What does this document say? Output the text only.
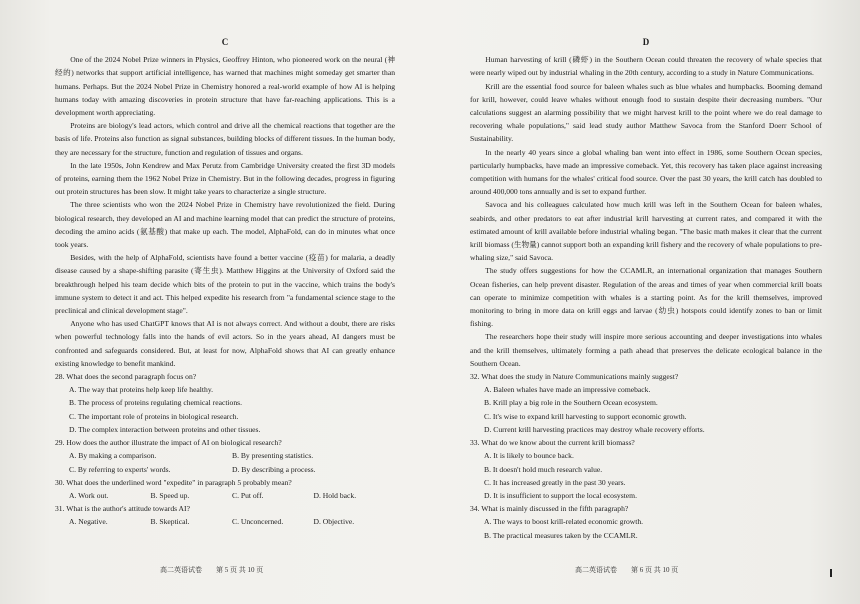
C

One of the 2024 Nobel Prize winners in Physics, Geoffrey Hinton, who pioneered work on the neural (神经的) networks that support artificial intelligence, has warned that machines might someday get smarter than humans. Perhaps. But the 2024 Nobel Prize in Chemistry honored a real-world example of how AI is helping humans today with amazing discoveries in protein structure that have far-reaching applications. This is a development worth appreciating.

Proteins are biology's lead actors, which control and drive all the chemical reactions that together are the basis of life. Proteins also function as signal substances, building blocks of different tissues. In the human body, they are necessary for the structure, function and regulation of tissues and organs.

In the late 1950s, John Kendrew and Max Perutz from Cambridge University created the first 3D models of proteins, earning them the 1962 Nobel Prize in Chemistry. But in the following decades, progress in figuring out protein structures has been slow. It might take years to characterize a single structure.

The three scientists who won the 2024 Nobel Prize in Chemistry have revolutionized the field. During biological research, they developed an AI and machine learning model that can predict the structure of proteins, decoding the amino acids (氨基酸) that make up each. The model, AlphaFold, can do in minutes what once took years.

Besides, with the help of AlphaFold, scientists have found a better vaccine (疫苗) for malaria, a deadly disease caused by a shape-shifting parasite (寄生虫). Matthew Higgins at the University of Oxford said the breakthrough helped his team decide which bits of the protein to put in the vaccine, which trains the body's immune system to detect it and act. This helped expedite his research from "a fundamental science stage to the preclinical and clinical development stage".

Anyone who has used ChatGPT knows that AI is not always correct. And without a doubt, there are risks when powerful technology falls into the hands of evil actors. So in the years ahead, AI dangers must be confronted and safeguards considered. But, at least for now, AlphaFold shows that AI can greatly enhance existing knowledge to benefit mankind.

28. What does the second paragraph focus on?
A. The way that proteins help keep life healthy.
B. The process of proteins regulating chemical reactions.
C. The important role of proteins in biological research.
D. The complex interaction between proteins and other tissues.
29. How does the author illustrate the impact of AI on biological research?
A. By making a comparison.	B. By presenting statistics.
C. By referring to experts' words.	D. By describing a process.
30. What does the underlined word "expedite" in paragraph 5 probably mean?
A. Work out.	B. Speed up.	C. Put off.	D. Hold back.
31. What is the author's attitude towards AI?
A. Negative.	B. Skeptical.	C. Unconcerned.	D. Objective.
高二英语试卷 第 5 页 共 10 页
D

Human harvesting of krill (磷虾) in the Southern Ocean could threaten the recovery of whale species that were nearly wiped out by industrial whaling in the 20th century, according to a study in Nature Communications.

Krill are the essential food source for baleen whales such as blue whales and humpbacks. Booming demand for krill, however, could leave whales without enough food to sustain despite their decreasing numbers. "Our calculations suggest an alarming possibility that we might harvest krill to the point where we do real damage to recovering whale populations," said lead study author Matthew Savoca from the Stanford Doerr School of Sustainability.

In the nearly 40 years since a global whaling ban went into effect in 1986, some Southern Ocean species, particularly humpbacks, have made an impressive comeback. Yet, this recovery has taken place against increasing competition with humans for the whales' critical food source. Over the past 30 years, the krill catch has doubled to around 400,000 tons annually and is set to expand further.

Savoca and his colleagues calculated how much krill was left in the Southern Ocean for baleen whales, seabirds, and other predators to eat after industrial krill harvesting at current rates, and compared it with the estimated amount of krill available before industrial whaling began. "The basic math makes it clear that the current krill biomass (生物量) cannot support both an expanding krill fishery and the recovery of whale populations to pre-whaling size," said Savoca.

The study offers suggestions for how the CCAMLR, an international organization that manages Southern Ocean fisheries, can help prevent disaster. Regulation of the areas and times of year when commercial krill boats can operate to minimize competition with whales is a starting point. As for the krill themselves, improved monitoring to bring in more data on krill eggs and larvae (幼虫) hotspots could identify zones to ban or limit fishing.

The researchers hope their study will inspire more serious accounting and deeper investigations into whales and the krill themselves, ultimately forming a path ahead that preserves the delicate ecological balance in the Southern Ocean.

32. What does the study in Nature Communications mainly suggest?
A. Baleen whales have made an impressive comeback.
B. Krill play a big role in the Southern Ocean ecosystem.
C. It's wise to expand krill harvesting to support economic growth.
D. Current krill harvesting practices may destroy whale recovery efforts.
33. What do we know about the current krill biomass?
A. It is likely to bounce back.
B. It doesn't hold much research value.
C. It has increased greatly in the past 30 years.
D. It is insufficient to support the local ecosystem.
34. What is mainly discussed in the fifth paragraph?
A. The ways to boost krill-related economic growth.
B. The practical measures taken by the CCAMLR.
高二英语试卷 第 6 页 共 10 页
